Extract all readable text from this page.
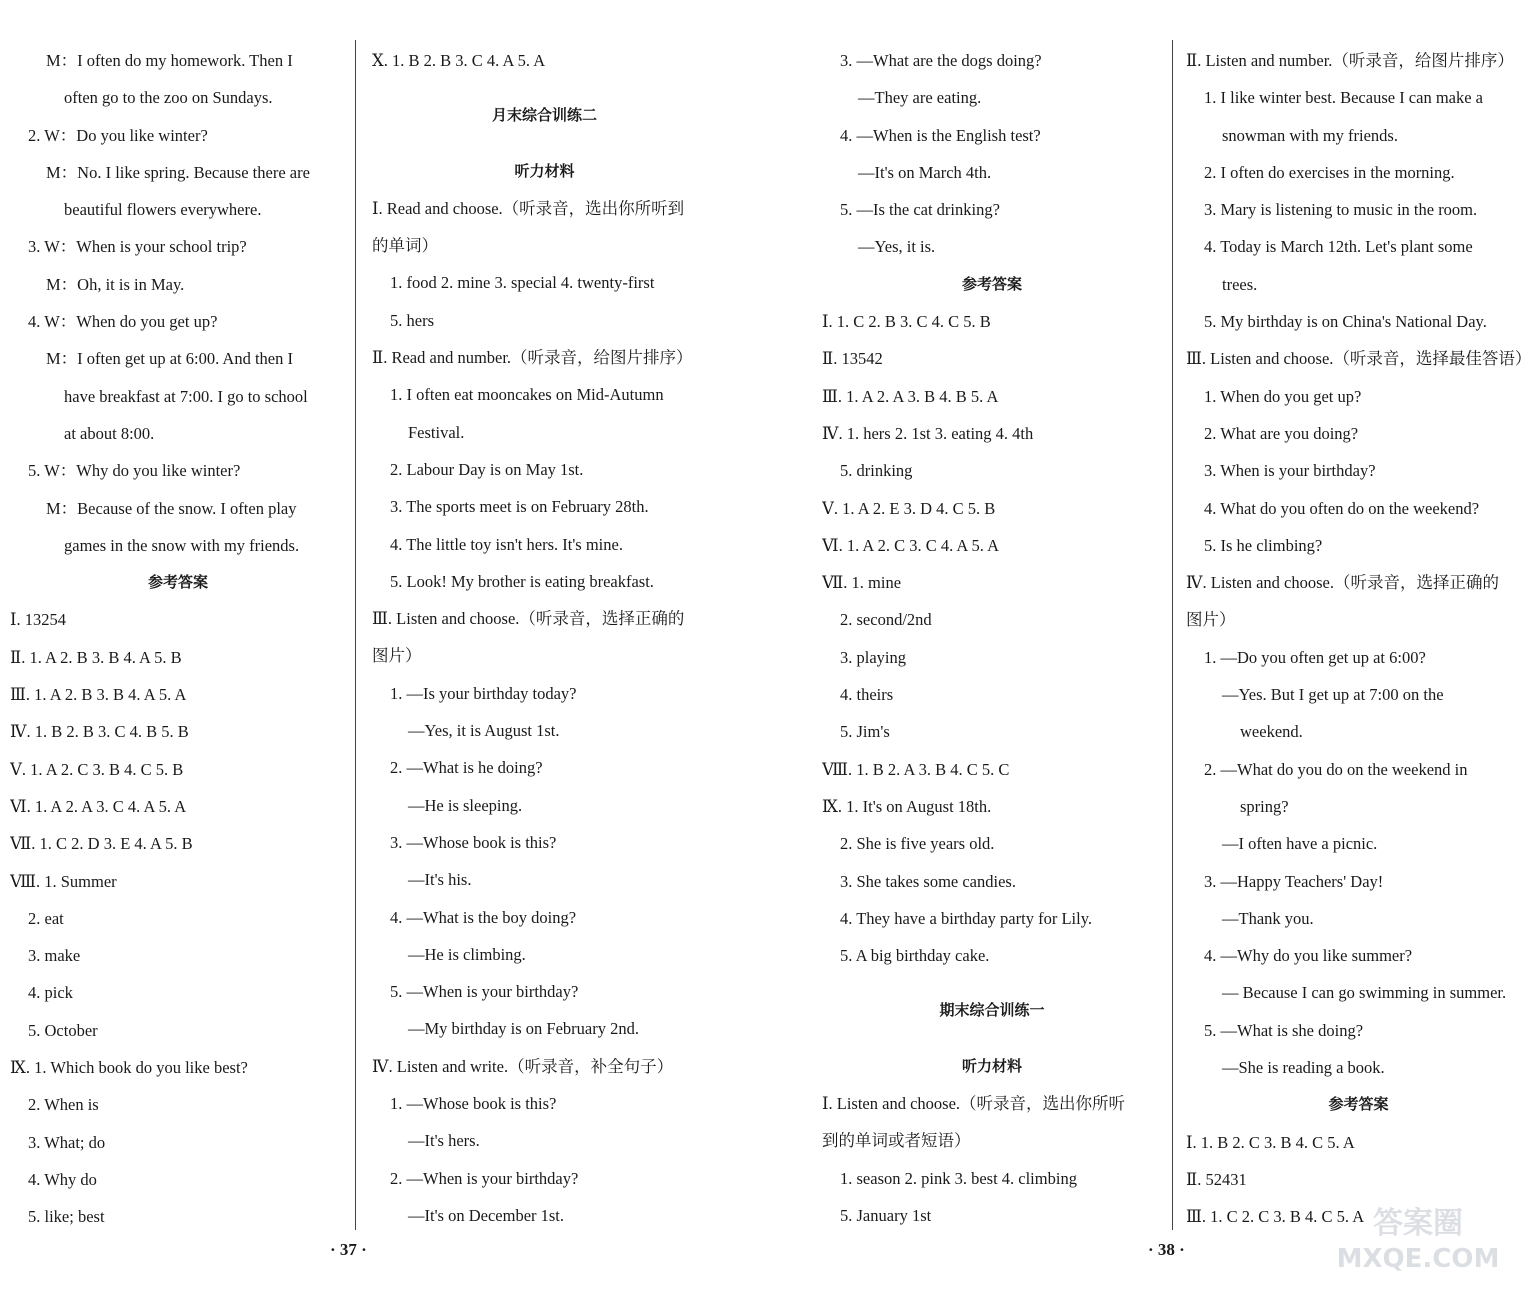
M：I often do my homework. Then I
often go to the zoo on Sundays.
2. W：Do you like winter?
M：No. I like spring. Because there are
beautiful flowers everywhere.
3. W：When is your school trip?
M：Oh, it is in May.
4. W：When do you get up?
M：I often get up at 6:00. And then I
have breakfast at 7:00. I go to school
at about 8:00.
5. W：Why do you like winter?
M：Because of the snow. I often play
games in the snow with my friends.
参考答案
Ⅰ. 13254
Ⅱ. 1. A 2. B 3. B 4. A 5. B
Ⅲ. 1. A 2. B 3. B 4. A 5. A
Ⅳ. 1. B 2. B 3. C 4. B 5. B
Ⅴ. 1. A 2. C 3. B 4. C 5. B
Ⅵ. 1. A 2. A 3. C 4. A 5. A
Ⅶ. 1. C 2. D 3. E 4. A 5. B
Ⅷ. 1. Summer
2. eat
3. make
4. pick
5. October
Ⅸ. 1. Which book do you like best?
2. When is
3. What; do
4. Why do
5. like; best
Ⅹ. 1. B 2. B 3. C 4. A 5. A
月末综合训练二
听力材料
Ⅰ. Read and choose.（听录音，选出你所听到
的单词）
1. food 2. mine 3. special 4. twenty-first
5. hers
Ⅱ. Read and number.（听录音，给图片排序）
1. I often eat mooncakes on Mid-Autumn
Festival.
2. Labour Day is on May 1st.
3. The sports meet is on February 28th.
4. The little toy isn't hers. It's mine.
5. Look! My brother is eating breakfast.
Ⅲ. Listen and choose.（听录音，选择正确的
图片）
1. —Is your birthday today?
—Yes, it is August 1st.
2. —What is he doing?
—He is sleeping.
3. —Whose book is this?
—It's his.
4. —What is the boy doing?
—He is climbing.
5. —When is your birthday?
—My birthday is on February 2nd.
Ⅳ. Listen and write.（听录音，补全句子）
1. —Whose book is this?
—It's hers.
2. —When is your birthday?
—It's on December 1st.
3. —What are the dogs doing?
—They are eating.
4. —When is the English test?
—It's on March 4th.
5. —Is the cat drinking?
—Yes, it is.
参考答案
Ⅰ. 1. C 2. B 3. C 4. C 5. B
Ⅱ. 13542
Ⅲ. 1. A 2. A 3. B 4. B 5. A
Ⅳ. 1. hers 2. 1st 3. eating 4. 4th
5. drinking
Ⅴ. 1. A 2. E 3. D 4. C 5. B
Ⅵ. 1. A 2. C 3. C 4. A 5. A
Ⅶ. 1. mine
2. second/2nd
3. playing
4. theirs
5. Jim's
Ⅷ. 1. B 2. A 3. B 4. C 5. C
Ⅸ. 1. It's on August 18th.
2. She is five years old.
3. She takes some candies.
4. They have a birthday party for Lily.
5. A big birthday cake.
期末综合训练一
听力材料
Ⅰ. Listen and choose.（听录音，选出你所听
到的单词或者短语）
1. season 2. pink 3. best 4. climbing
5. January 1st
Ⅱ. Listen and number.（听录音，给图片排序）
1. I like winter best. Because I can make a
snowman with my friends.
2. I often do exercises in the morning.
3. Mary is listening to music in the room.
4. Today is March 12th. Let's plant some
trees.
5. My birthday is on China's National Day.
Ⅲ. Listen and choose.（听录音，选择最佳答语）
1. When do you get up?
2. What are you doing?
3. When is your birthday?
4. What do you often do on the weekend?
5. Is he climbing?
Ⅳ. Listen and choose.（听录音，选择正确的
图片）
1. —Do you often get up at 6:00?
—Yes. But I get up at 7:00 on the
weekend.
2. —What do you do on the weekend in
spring?
—I often have a picnic.
3. —Happy Teachers' Day!
—Thank you.
4. —Why do you like summer?
— Because I can go swimming in summer.
5. —What is she doing?
—She is reading a book.
参考答案
Ⅰ. 1. B 2. C 3. B 4. C 5. A
Ⅱ. 52431
Ⅲ. 1. C 2. C 3. B 4. C 5. A
· 37 ·	· 38 ·
答案圈
MXQE.COM
